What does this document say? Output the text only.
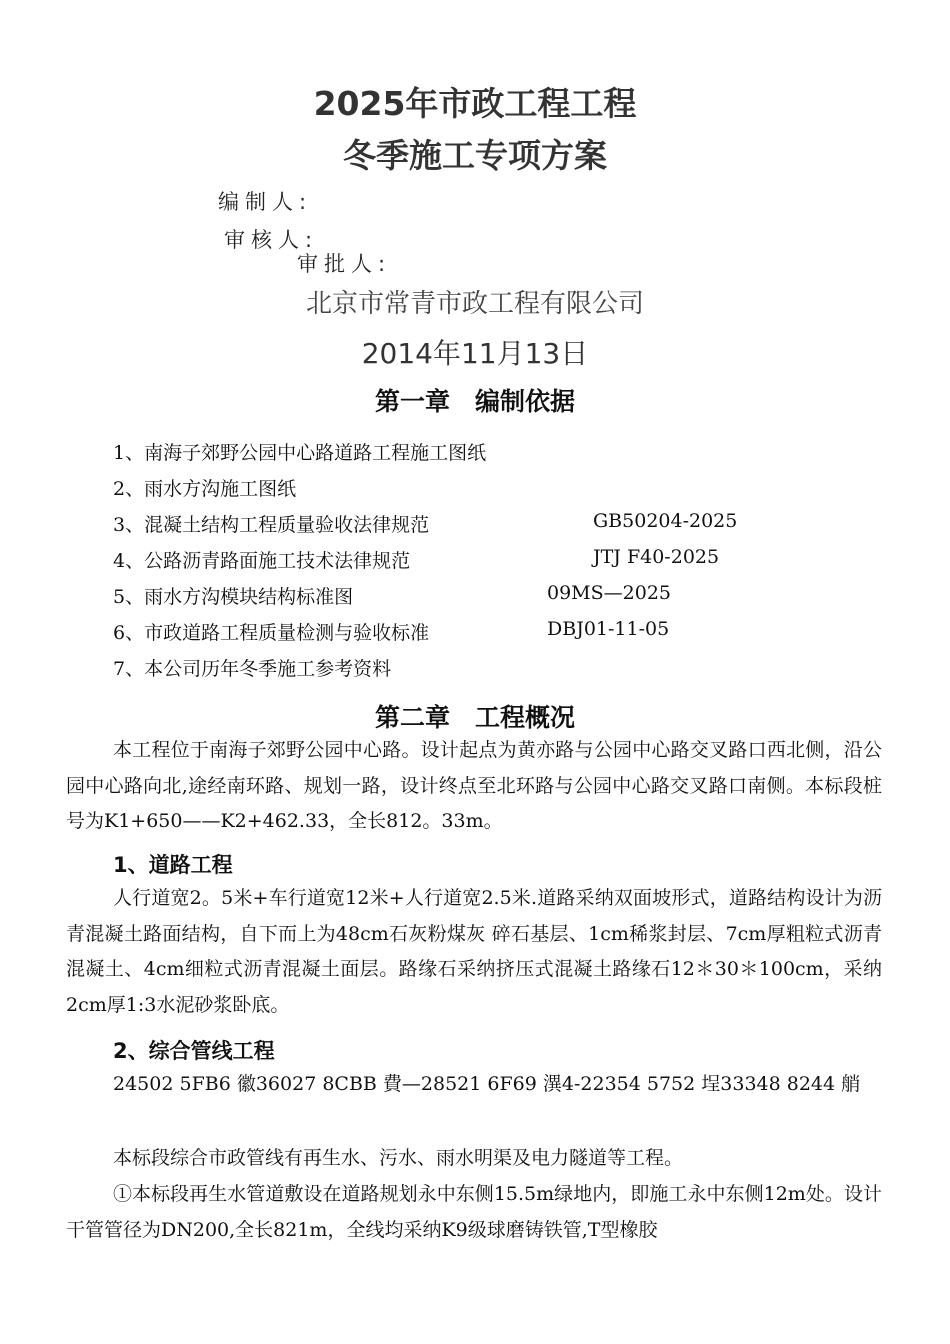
2025年市政工程工程
冬季施工专项方案
编制人:
审核人:
审批人:
北京市常青市政工程有限公司
2014年11月13日
第一章　编制依据
1、南海子郊野公园中心路道路工程施工图纸
2、雨水方沟施工图纸
3、混凝土结构工程质量验收法律规范	GB50204-2025
4、公路沥青路面施工技术法律规范	JTJ F40-2025
5、雨水方沟模块结构标准图	09MS—2025
6、市政道路工程质量检测与验收标准	DBJ01-11-05
7、本公司历年冬季施工参考资料
第二章　工程概况
本工程位于南海子郊野公园中心路。设计起点为黄亦路与公园中心路交叉路口西北侧，沿公园中心路向北,途经南环路、规划一路，设计终点至北环路与公园中心路交叉路口南侧。本标段桩号为K1+650——K2+462.33，全长812。33m。
1、道路工程
人行道宽2。5米+车行道宽12米+人行道宽2.5米.道路采纳双面坡形式，道路结构设计为沥青混凝土路面结构，自下而上为48cm石灰粉煤灰 碎石基层、1cm稀浆封层、7cm厚粗粒式沥青混凝土、4cm细粒式沥青混凝土面层。路缘石采纳挤压式混凝土路缘石12＊30＊100cm，采纳2cm厚1:3水泥砂浆卧底。
2、综合管线工程
24502 5FB6 徽36027 8CBB 費—28521 6F69 潩4-22354 5752 埕33348 8244 艄
本标段综合市政管线有再生水、污水、雨水明渠及电力隧道等工程。
①本标段再生水管道敷设在道路规划永中东侧15.5m绿地内，即施工永中东侧12m处。设计干管管径为DN200,全长821m，全线均采纳K9级球磨铸铁管,T型橡胶
